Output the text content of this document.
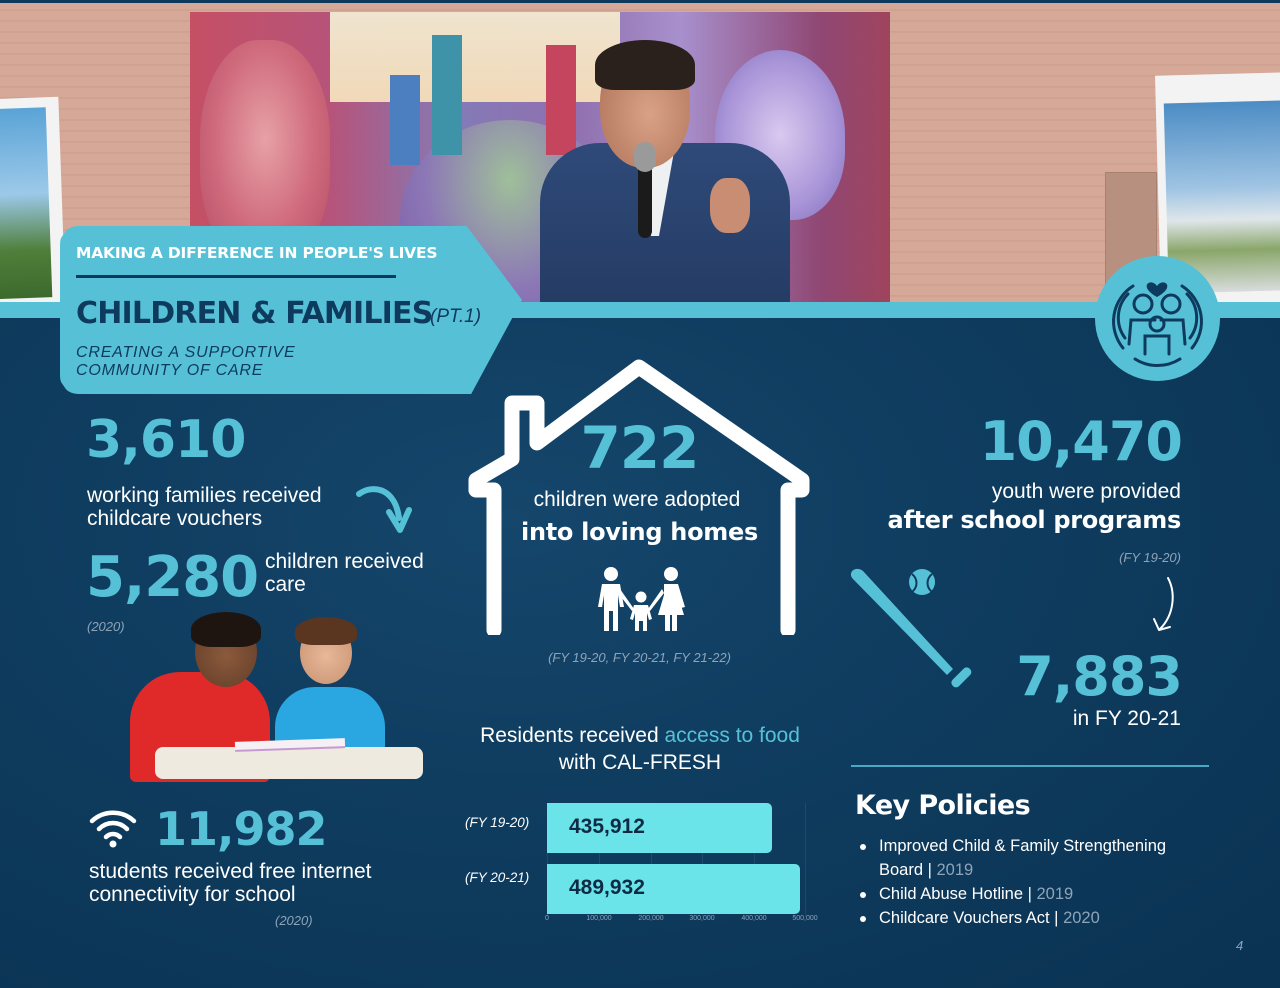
MAKING A DIFFERENCE IN PEOPLE'S LIVES
CHILDREN & FAMILIES
(PT.1)
CREATING A SUPPORTIVE
COMMUNITY OF CARE
3,610
working families received
childcare vouchers
5,280 children received
care
(2020)
11,982
students received free internet
connectivity for school
(2020)
722
children were adopted
into loving homes
(FY 19-20, FY 20-21, FY 21-22)
Residents received access to food
with CAL-FRESH
(FY 19-20) 435,912
(FY 20-21) 489,932
0	100,000	200,000	300,000	400,000	500,000
10,470
youth were provided
after school programs
(FY 19-20)
7,883
in FY 20-21
Key Policies
Improved Child & Family Strengthening
Board | 2019
Child Abuse Hotline | 2019
Childcare Vouchers Act | 2020
4
